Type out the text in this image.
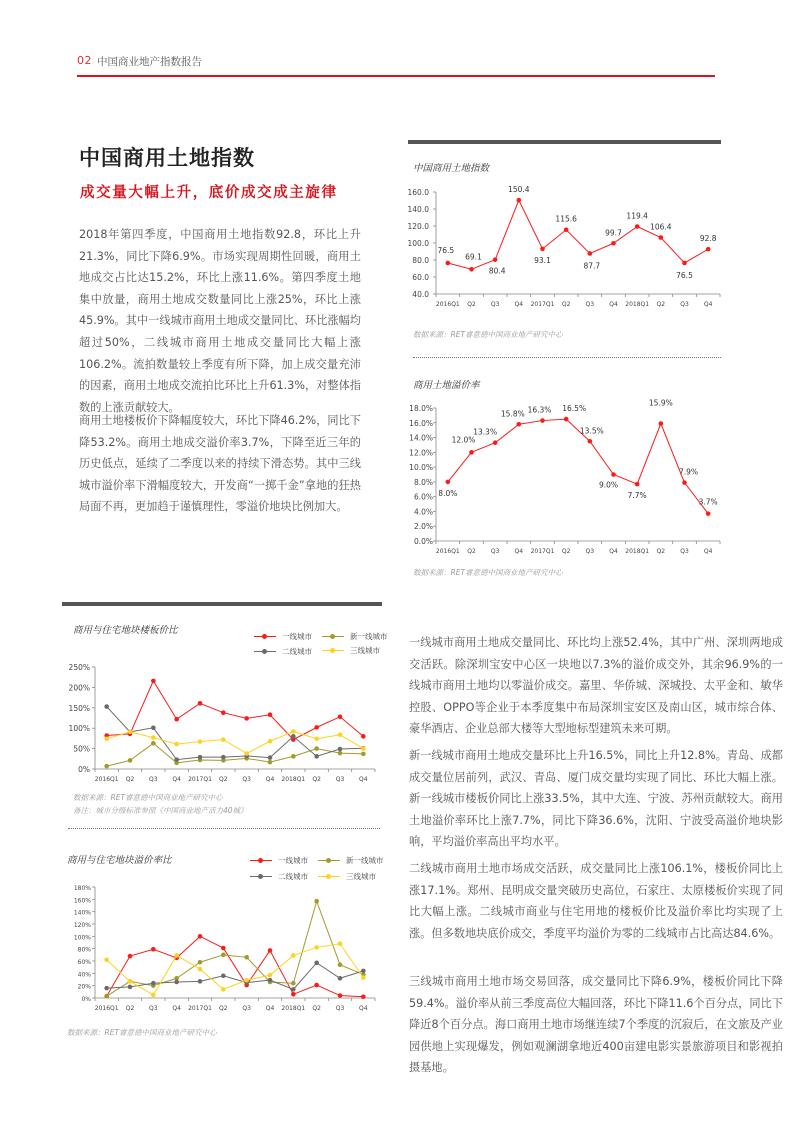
02 中国商业地产指数报告
中国商用土地指数
成交量大幅上升，底价成交成主旋律
2018年第四季度，中国商用土地指数92.8，环比上升21.3%，同比下降6.9%。市场实现周期性回暖，商用土地成交占比达15.2%，环比上涨11.6%。第四季度土地集中放量，商用土地成交数量同比上涨25%，环比上涨45.9%。其中一线城市商用土地成交量同比、环比涨幅均超过50%，二线城市商用土地成交量同比大幅上涨106.2%。流拍数量较上季度有所下降，加上成交量充沛的因素，商用土地成交流拍比环比上升61.3%，对整体指数的上涨贡献较大。
商用土地楼板价下降幅度较大，环比下降46.2%，同比下降53.2%。商用土地成交溢价率3.7%，下降至近三年的历史低点，延续了二季度以来的持续下滑态势。其中三线城市溢价率下滑幅度较大，开发商“一掷千金”拿地的狂热局面不再，更加趋于谨慎理性，零溢价地块比例加大。
中国商用土地指数
40.0
60.0
80.0
100.0
120.0
140.0
160.0
2016Q1 Q2	Q3	Q4 2017Q1 Q2	Q3	Q4 2018Q1 Q2	Q3	Q4
76.5
69.1
80.4
150.4
93.1
115.6
87.7
99.7
119.4
106.4
76.5
92.8
数据来源：RET睿意德中国商业地产研究中心
商用土地溢价率
0.0%
2.0%
4.0%
6.0%
8.0%
10.0%
12.0%
14.0%
16.0%
18.0%
2016Q1 Q2	Q3	Q4 2017Q1 Q2	Q3	Q4 2018Q1 Q2	Q3	Q4
8.0%
12.0%
13.3%
15.8% 16.3% 16.5%
13.5%
9.0%
7.7%
15.9%
7.9%
3.7%
数据来源：RET睿意德中国商业地产研究中心
商用与住宅地块楼板价比
一线城市	新一线城市
二线城市	三线城市
0%
50%
100%
150%
200%
250%
2016Q1 Q2 Q3 Q4 2017Q1 Q2 Q3 Q4 2018Q1 Q2 Q3 Q4
数据来源：RET睿意德中国商业地产研究中心
备注：城市分级标准参照《中国商业地产活力40城》
商用与住宅地块溢价率比	一线城市	新一线城市
二线城市	三线城市
0%
20%
40%
60%
80%
100%
120%
140%
160%
180%
2016Q1 Q2 Q3 Q4 2017Q1 Q2 Q3 Q4 2018Q1 Q2 Q3 Q4
数据来源：RET睿意德中国商业地产研究中心
一线城市商用土地成交量同比、环比均上涨52.4%，其中广州、深圳两地成交活跃。除深圳宝安中心区一块地以7.3%的溢价成交外，其余96.9%的一线城市商用土地均以零溢价成交。嘉里、华侨城、深城投、太平金和、敏华控股、OPPO等企业于本季度集中布局深圳宝安区及南山区，城市综合体、豪华酒店、企业总部大楼等大型地标型建筑未来可期。
新一线城市商用土地成交量环比上升16.5%，同比上升12.8%。青岛、成都成交量位居前列，武汉、青岛、厦门成交量均实现了同比、环比大幅上涨。新一线城市楼板价同比上涨33.5%，其中大连、宁波、苏州贡献较大。商用土地溢价率环比上涨7.7%，同比下降36.6%，沈阳、宁波受高溢价地块影响，平均溢价率高出平均水平。
二线城市商用土地市场成交活跃，成交量同比上涨106.1%，楼板价同比上涨17.1%。郑州、昆明成交量突破历史高位，石家庄、太原楼板价实现了同比大幅上涨。二线城市商业与住宅用地的楼板价比及溢价率比均实现了上涨。但多数地块底价成交，季度平均溢价为零的二线城市占比高达84.6%。
三线城市商用土地市场交易回落，成交量同比下降6.9%，楼板价同比下降59.4%。溢价率从前三季度高位大幅回落，环比下降11.6个百分点，同比下降近8个百分点。海口商用土地市场继连续7个季度的沉寂后，在文旅及产业园供地上实现爆发，例如观澜湖拿地近400亩建电影实景旅游项目和影视拍摄基地。
